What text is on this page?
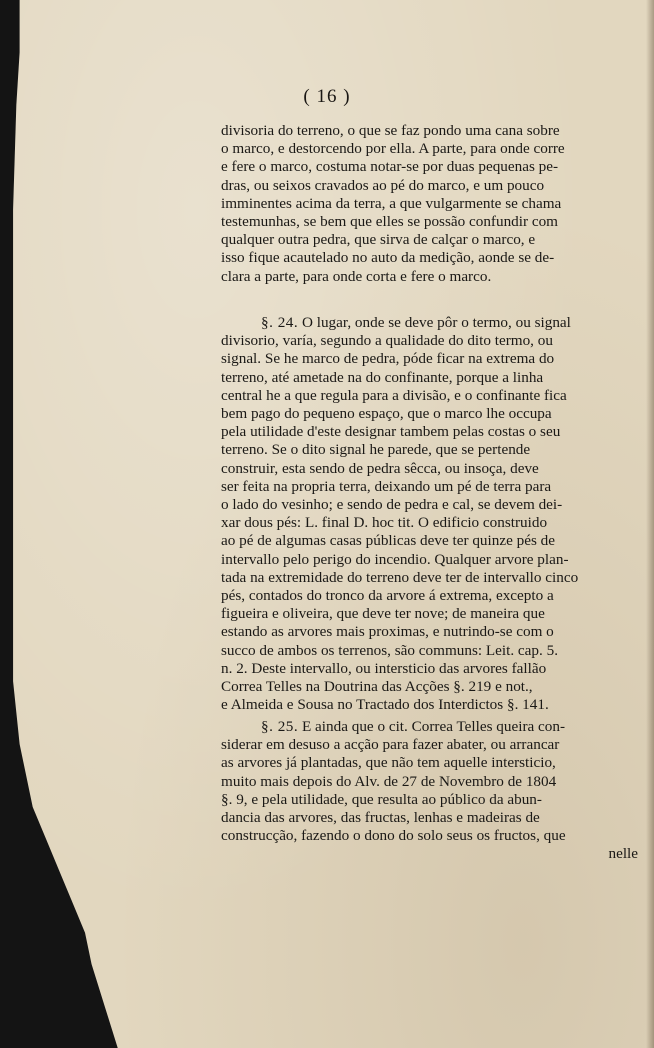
( 16 )
divisoria do terreno, o que se faz pondo uma cana sobre
o marco, e destorcendo por ella. A parte, para onde corre
e fere o marco, costuma notar-se por duas pequenas pe-
dras, ou seixos cravados ao pé do marco, e um pouco
imminentes acima da terra, a que vulgarmente se chama
testemunhas, se bem que elles se possão confundir com
qualquer outra pedra, que sirva de calçar o marco, e
isso fique acautelado no auto da medição, aonde se de-
clara a parte, para onde corta e fere o marco.
§. 24. O lugar, onde se deve pôr o termo, ou signal
divisorio, varía, segundo a qualidade do dito termo, ou
signal. Se he marco de pedra, póde ficar na extrema do
terreno, até ametade na do confinante, porque a linha
central he a que regula para a divisão, e o confinante fica
bem pago do pequeno espaço, que o marco lhe occupa
pela utilidade d'este designar tambem pelas costas o seu
terreno. Se o dito signal he parede, que se pertende
construir, esta sendo de pedra sêcca, ou insoça, deve
ser feita na propria terra, deixando um pé de terra para
o lado do vesinho; e sendo de pedra e cal, se devem dei-
xar dous pés: L. final D. hoc tit. O edificio construido
ao pé de algumas casas públicas deve ter quinze pés de
intervallo pelo perigo do incendio. Qualquer arvore plan-
tada na extremidade do terreno deve ter de intervallo cinco
pés, contados do tronco da arvore á extrema, excepto a
figueira e oliveira, que deve ter nove; de maneira que
estando as arvores mais proximas, e nutrindo-se com o
succo de ambos os terrenos, são communs: Leit. cap. 5.
n. 2. Deste intervallo, ou intersticio das arvores fallão
Correa Telles na Doutrina das Acções §. 219 e not.,
e Almeida e Sousa no Tractado dos Interdictos §. 141.
§. 25. E ainda que o cit. Correa Telles queira con-
siderar em desuso a acção para fazer abater, ou arrancar
as arvores já plantadas, que não tem aquelle intersticio,
muito mais depois do Alv. de 27 de Novembro de 1804
§. 9, e pela utilidade, que resulta ao público da abun-
dancia das arvores, das fructas, lenhas e madeiras de
construcção, fazendo o dono do solo seus os fructos, que
nelle
